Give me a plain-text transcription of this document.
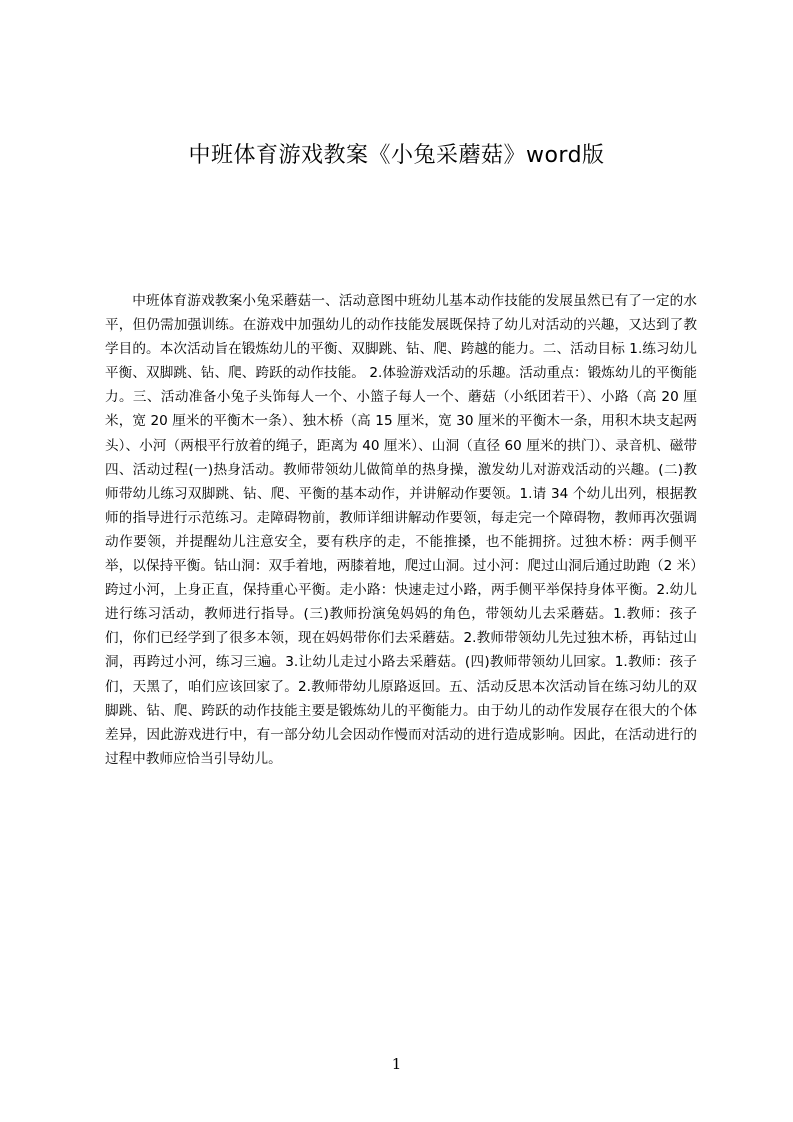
中班体育游戏教案《小兔采蘑菇》word版

中班体育游戏教案小兔采蘑菇一、活动意图中班幼儿基本动作技能的发展虽然已有了一定的水平，但仍需加强训练。在游戏中加强幼儿的动作技能发展既保持了幼儿对活动的兴趣，又达到了教学目的。本次活动旨在锻炼幼儿的平衡、双脚跳、钻、爬、跨越的能力。二、活动目标 1.练习幼儿平衡、双脚跳、钻、爬、跨跃的动作技能。 2.体验游戏活动的乐趣。活动重点：锻炼幼儿的平衡能力。三、活动准备小兔子头饰每人一个、小篮子每人一个、蘑菇（小纸团若干）、小路（高 20 厘米，宽 20 厘米的平衡木一条）、独木桥（高 15 厘米，宽 30 厘米的平衡木一条，用积木块支起两头）、小河（两根平行放着的绳子，距离为 40 厘米）、山洞（直径 60 厘米的拱门）、录音机、磁带四、活动过程(一)热身活动。教师带领幼儿做简单的热身操，激发幼儿对游戏活动的兴趣。(二)教师带幼儿练习双脚跳、钻、爬、平衡的基本动作，并讲解动作要领。1.请 34 个幼儿出列，根据教师的指导进行示范练习。走障碍物前，教师详细讲解动作要领，每走完一个障碍物，教师再次强调动作要领，并提醒幼儿注意安全，要有秩序的走，不能推搡，也不能拥挤。过独木桥：两手侧平举，以保持平衡。钻山洞：双手着地，两膝着地，爬过山洞。过小河：爬过山洞后通过助跑（2 米）跨过小河，上身正直，保持重心平衡。走小路：快速走过小路，两手侧平举保持身体平衡。2.幼儿进行练习活动，教师进行指导。(三)教师扮演兔妈妈的角色，带领幼儿去采蘑菇。1.教师：孩子们，你们已经学到了很多本领，现在妈妈带你们去采蘑菇。2.教师带领幼儿先过独木桥，再钻过山洞，再跨过小河，练习三遍。3.让幼儿走过小路去采蘑菇。(四)教师带领幼儿回家。1.教师：孩子们，天黑了，咱们应该回家了。2.教师带幼儿原路返回。五、活动反思本次活动旨在练习幼儿的双脚跳、钻、爬、跨跃的动作技能主要是锻炼幼儿的平衡能力。由于幼儿的动作发展存在很大的个体差异，因此游戏进行中，有一部分幼儿会因动作慢而对活动的进行造成影响。因此，在活动进行的过程中教师应恰当引导幼儿。

1
